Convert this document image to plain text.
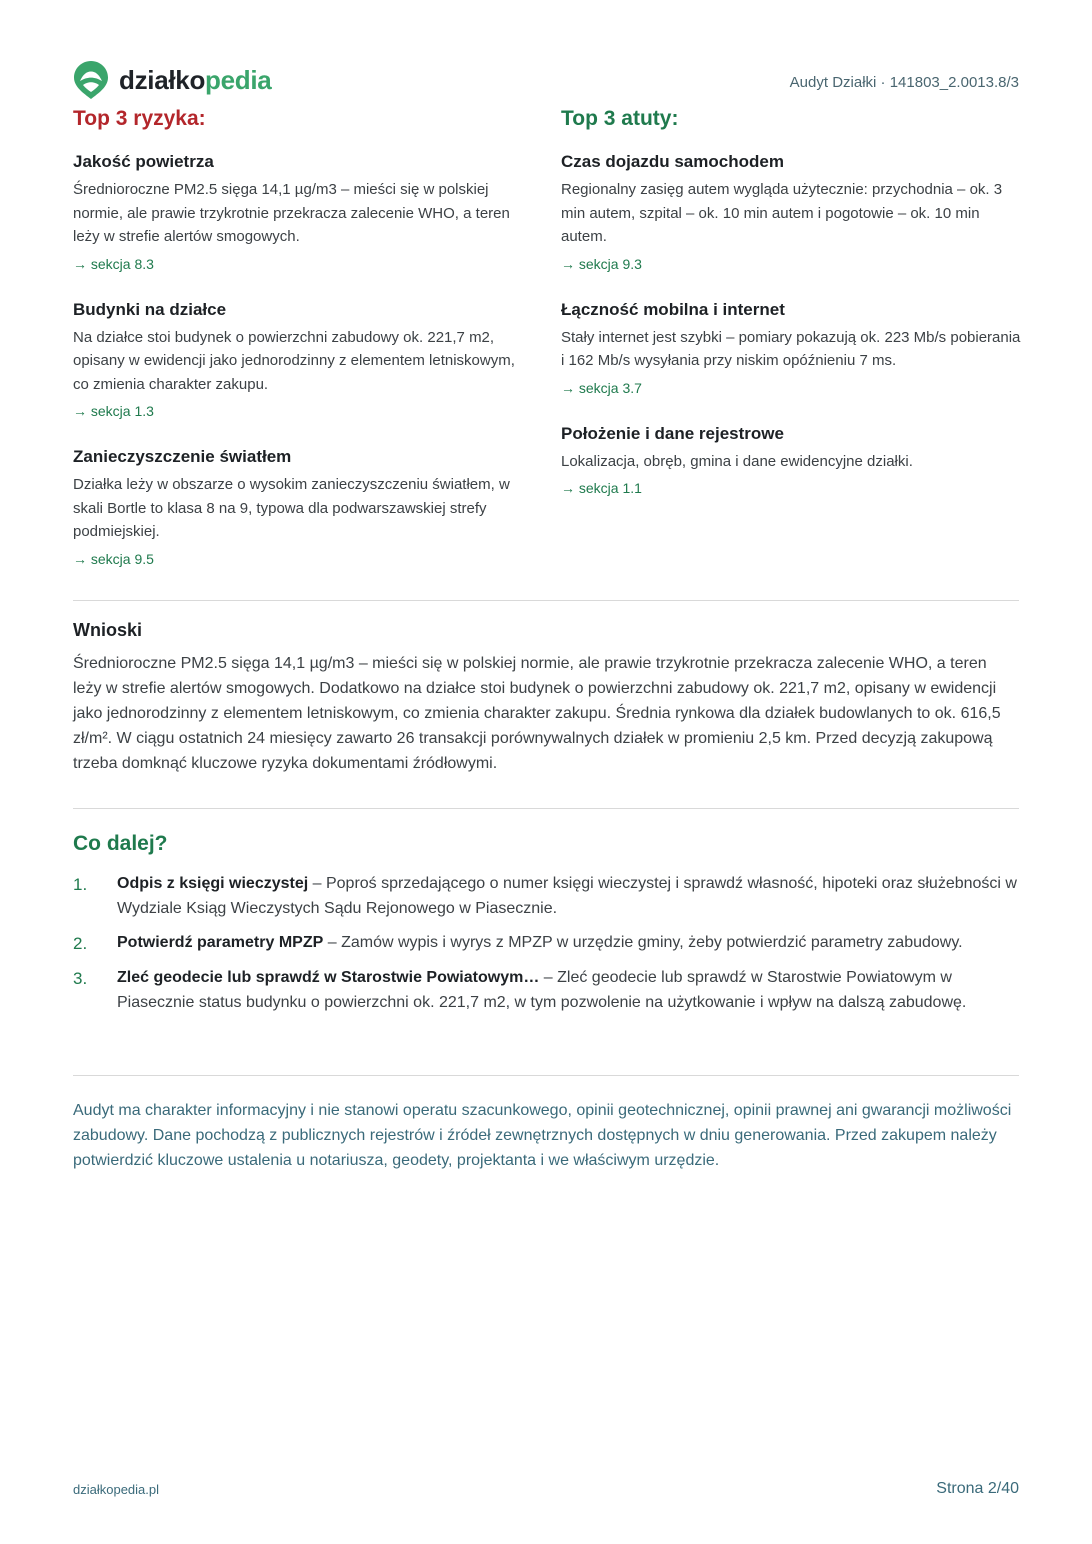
działkopedia	Audyt Działki · 141803_2.0013.8/3
Top 3 ryzyka:
Jakość powietrza
Średnioroczne PM2.5 sięga 14,1 µg/m3 – mieści się w polskiej normie, ale prawie trzykrotnie przekracza zalecenie WHO, a teren leży w strefie alertów smogowych.
→ sekcja 8.3
Budynki na działce
Na działce stoi budynek o powierzchni zabudowy ok. 221,7 m2, opisany w ewidencji jako jednorodzinny z elementem letniskowym, co zmienia charakter zakupu.
→ sekcja 1.3
Zanieczyszczenie światłem
Działka leży w obszarze o wysokim zanieczyszczeniu światłem, w skali Bortle to klasa 8 na 9, typowa dla podwarszawskiej strefy podmiejskiej.
→ sekcja 9.5
Top 3 atuty:
Czas dojazdu samochodem
Regionalny zasięg autem wygląda użytecznie: przychodnia – ok. 3 min autem, szpital – ok. 10 min autem i pogotowie – ok. 10 min autem.
→ sekcja 9.3
Łączność mobilna i internet
Stały internet jest szybki – pomiary pokazują ok. 223 Mb/s pobierania i 162 Mb/s wysyłania przy niskim opóźnieniu 7 ms.
→ sekcja 3.7
Położenie i dane rejestrowe
Lokalizacja, obręb, gmina i dane ewidencyjne działki.
→ sekcja 1.1
Wnioski
Średnioroczne PM2.5 sięga 14,1 µg/m3 – mieści się w polskiej normie, ale prawie trzykrotnie przekracza zalecenie WHO, a teren leży w strefie alertów smogowych. Dodatkowo na działce stoi budynek o powierzchni zabudowy ok. 221,7 m2, opisany w ewidencji jako jednorodzinny z elementem letniskowym, co zmienia charakter zakupu. Średnia rynkowa dla działek budowlanych to ok. 616,5 zł/m². W ciągu ostatnich 24 miesięcy zawarto 26 transakcji porównywalnych działek w promieniu 2,5 km. Przed decyzją zakupową trzeba domknąć kluczowe ryzyka dokumentami źródłowymi.
Co dalej?
1.	Odpis z księgi wieczystej – Poproś sprzedającego o numer księgi wieczystej i sprawdź własność, hipoteki oraz służebności w Wydziale Ksiąg Wieczystych Sądu Rejonowego w Piasecznie.
2.	Potwierdź parametry MPZP – Zamów wypis i wyrys z MPZP w urzędzie gminy, żeby potwierdzić parametry zabudowy.
3.	Zleć geodecie lub sprawdź w Starostwie Powiatowym… – Zleć geodecie lub sprawdź w Starostwie Powiatowym w Piasecznie status budynku o powierzchni ok. 221,7 m2, w tym pozwolenie na użytkowanie i wpływ na dalszą zabudowę.
Audyt ma charakter informacyjny i nie stanowi operatu szacunkowego, opinii geotechnicznej, opinii prawnej ani gwarancji możliwości zabudowy. Dane pochodzą z publicznych rejestrów i źródeł zewnętrznych dostępnych w dniu generowania. Przed zakupem należy potwierdzić kluczowe ustalenia u notariusza, geodety, projektanta i we właściwym urzędzie.
działkopedia.pl	Strona 2/40
